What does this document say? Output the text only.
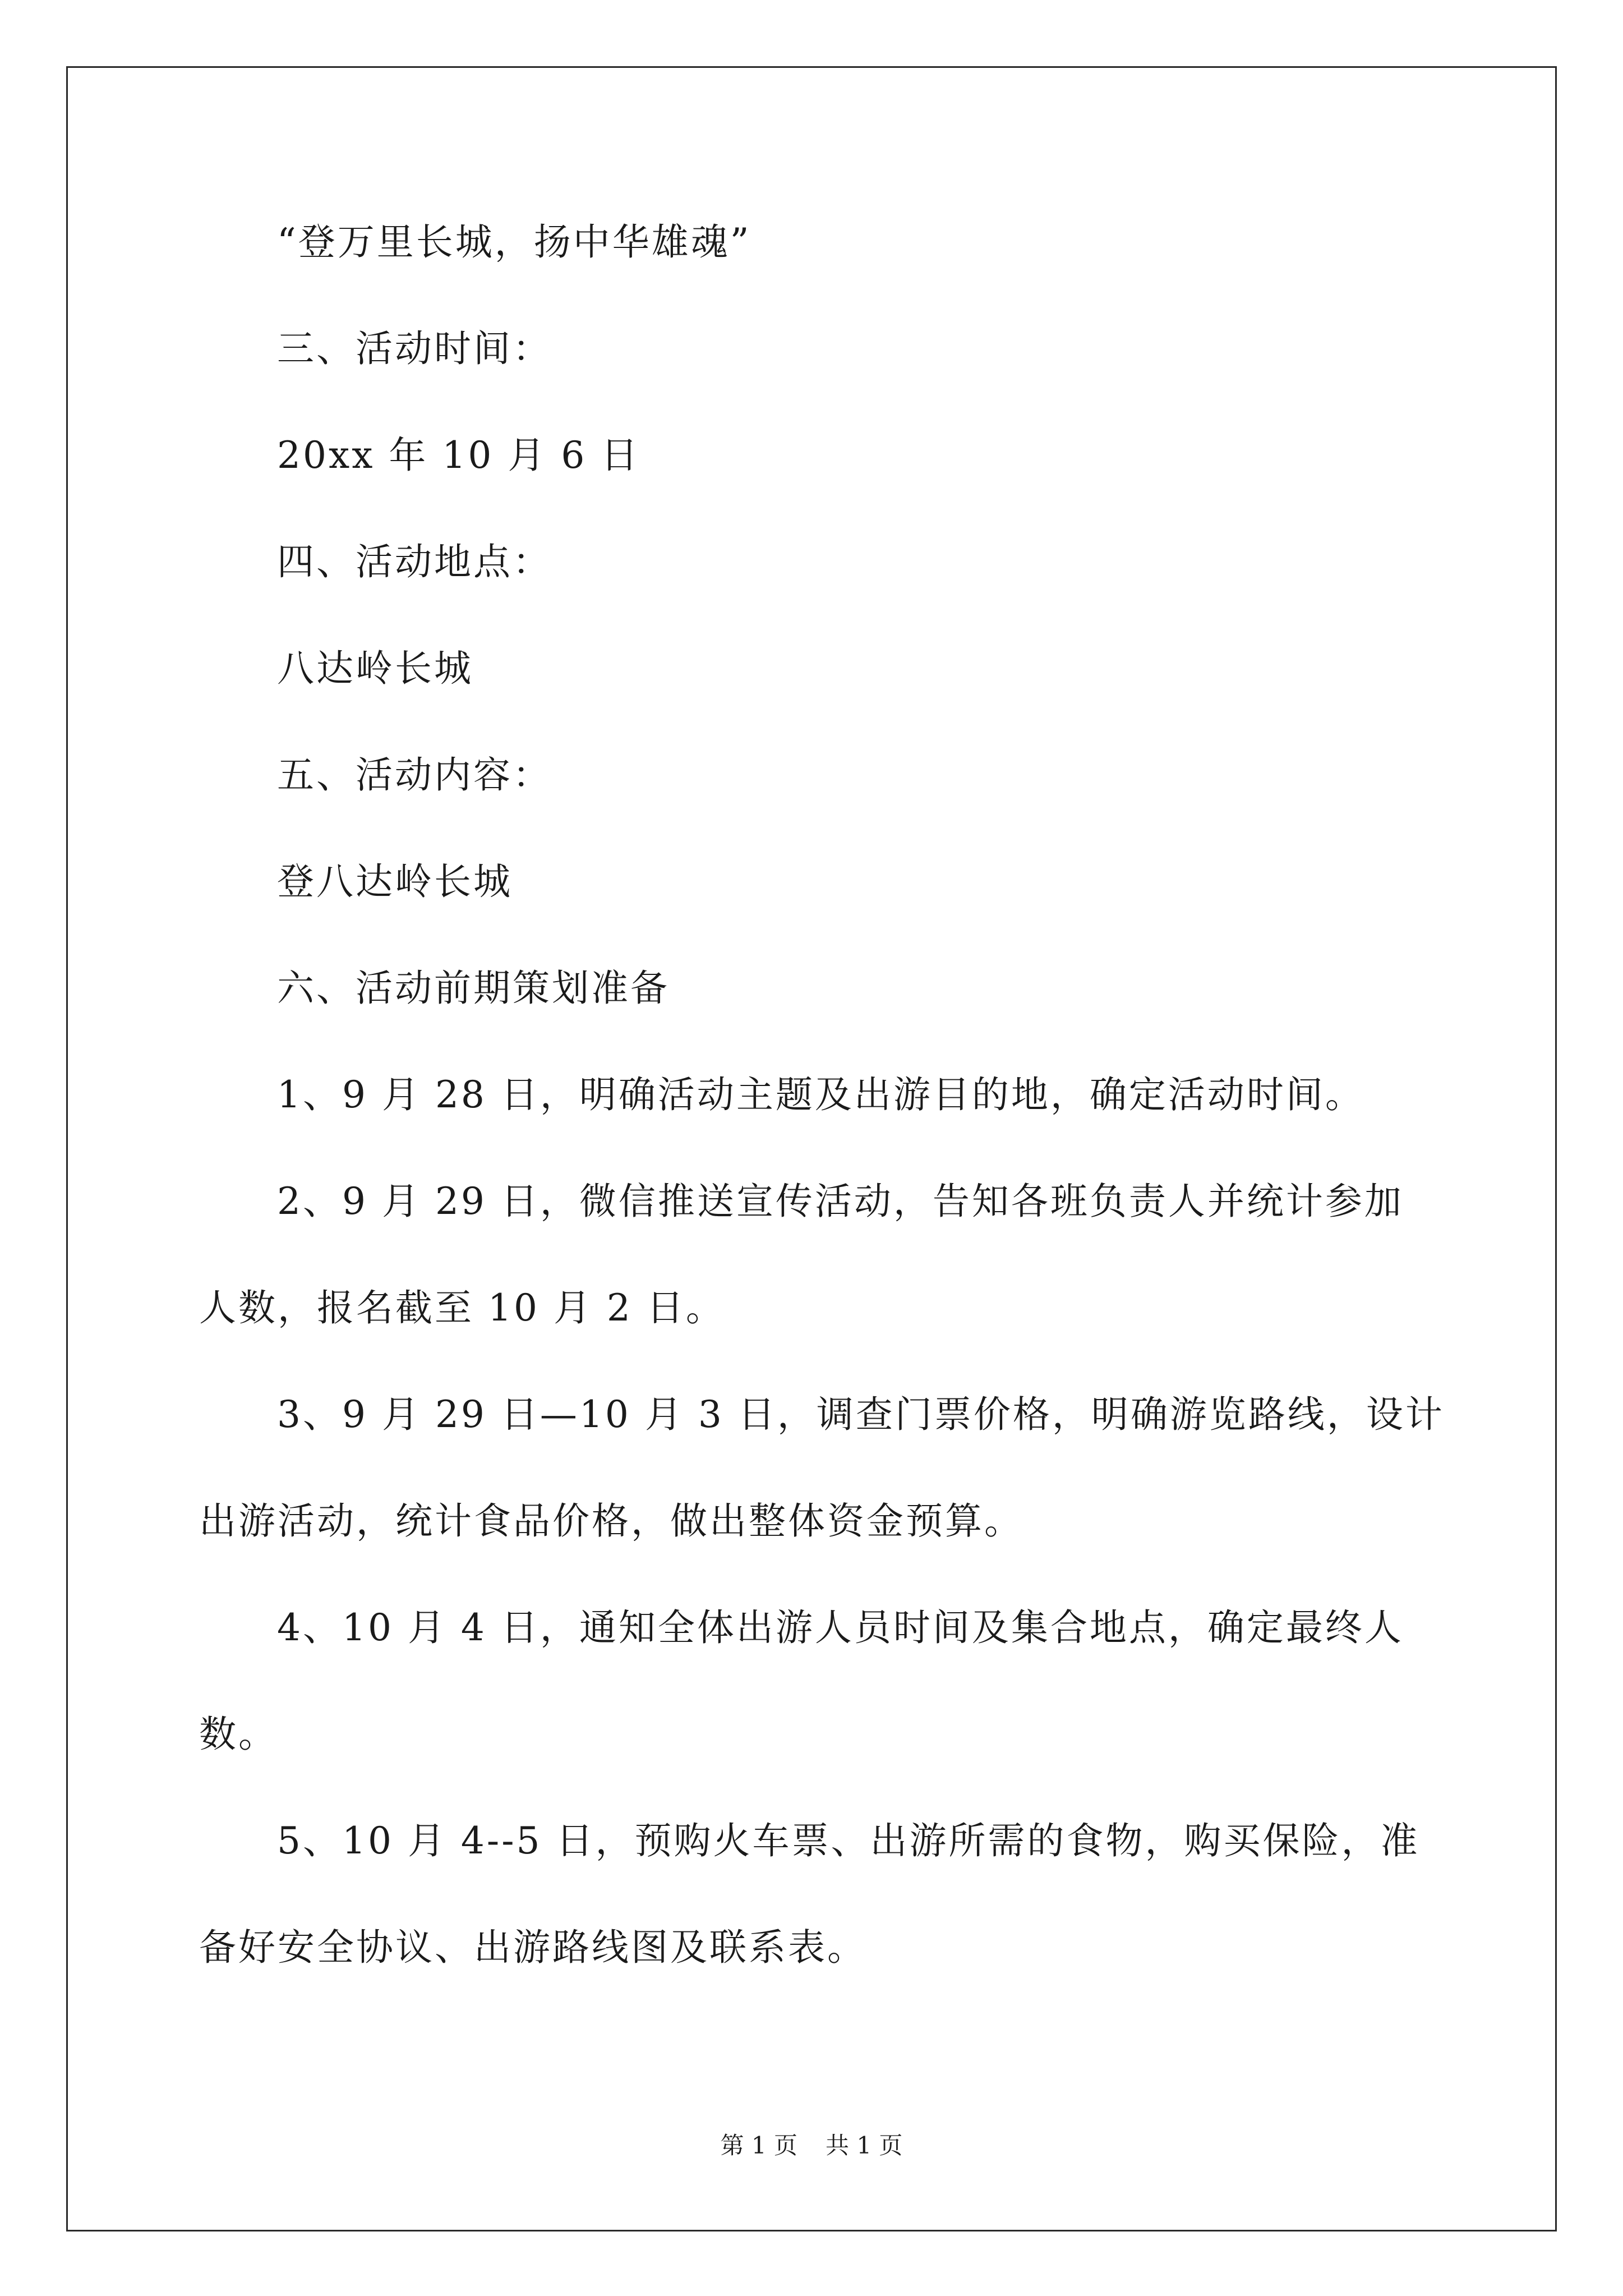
“登万里长城，扬中华雄魂”
三、活动时间：
20xx 年 10 月 6 日
四、活动地点：
八达岭长城
五、活动内容：
登八达岭长城
六、活动前期策划准备
1、9 月 28 日，明确活动主题及出游目的地，确定活动时间。
2、9 月 29 日，微信推送宣传活动，告知各班负责人并统计参加
人数，报名截至 10 月 2 日。
3、9 月 29 日—10 月 3 日，调查门票价格，明确游览路线，设计
出游活动，统计食品价格，做出整体资金预算。
4、10 月 4 日，通知全体出游人员时间及集合地点，确定最终人
数。
5、10 月 4--5 日，预购火车票、出游所需的食物，购买保险，准
备好安全协议、出游路线图及联系表。
第 1 页 共 1 页
